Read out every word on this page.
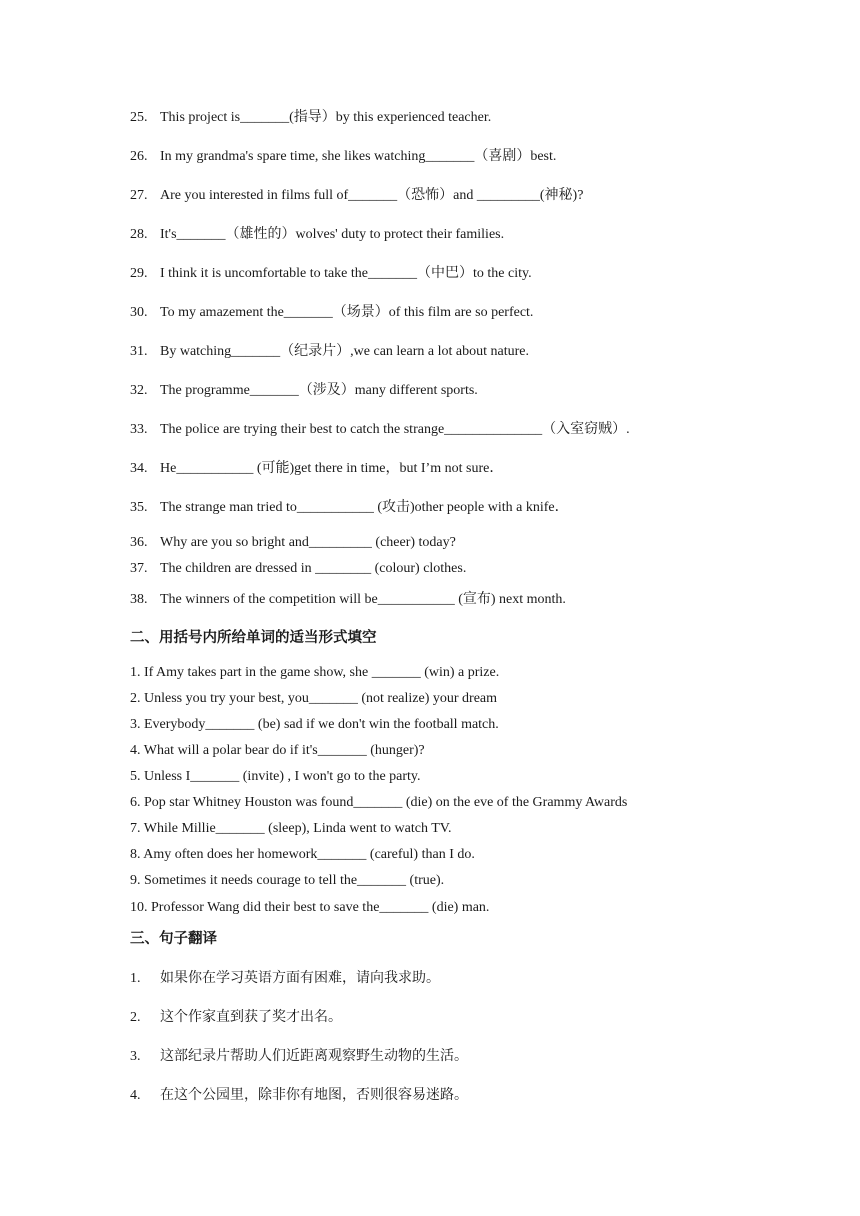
25. This project is_______(指导）by this experienced teacher.
26. In my grandma's spare time, she likes watching_______（喜剧）best.
27. Are you interested in films full of_______（恐怖）and _________(神秘)?
28. It's_______（雄性的）wolves' duty to protect their families.
29. I think it is uncomfortable to take the_______（中巴）to the city.
30. To my amazement the_______（场景）of this film are so perfect.
31. By watching_______（纪录片）,we can learn a lot about nature.
32. The programme_______（涉及）many different sports.
33. The police are trying their best to catch the strange______________（入室窃贼）.
34. He___________ (可能)get there in time，but I’m not sure．
35. The strange man tried to___________ (攻击)other people with a knife．
36. Why are you so bright and_________ (cheer) today?
37. The children are dressed in ________ (colour) clothes.
38. The winners of the competition will be___________ (宣布) next month.
二、用括号内所给单词的适当形式填空
1. If Amy takes part in the game show, she _______ (win) a prize.
2. Unless you try your best, you_______ (not realize) your dream
3. Everybody_______ (be) sad if we don't win the football match.
4. What will a polar bear do if it's_______ (hunger)?
5. Unless I_______ (invite) , I won't go to the party.
6. Pop star Whitney Houston was found_______ (die) on the eve of the Grammy Awards
7. While Millie_______ (sleep), Linda went to watch TV.
8. Amy often does her homework_______ (careful) than I do.
9. Sometimes it needs courage to tell the_______ (true).
10. Professor Wang did their best to save the_______ (die) man.
三、句子翻译
1. 如果你在学习英语方面有困难，请向我求助。
2. 这个作家直到获了奖才出名。
3. 这部纪录片帮助人们近距离观察野生动物的生活。
4. 在这个公园里，除非你有地图，否则很容易迷路。
